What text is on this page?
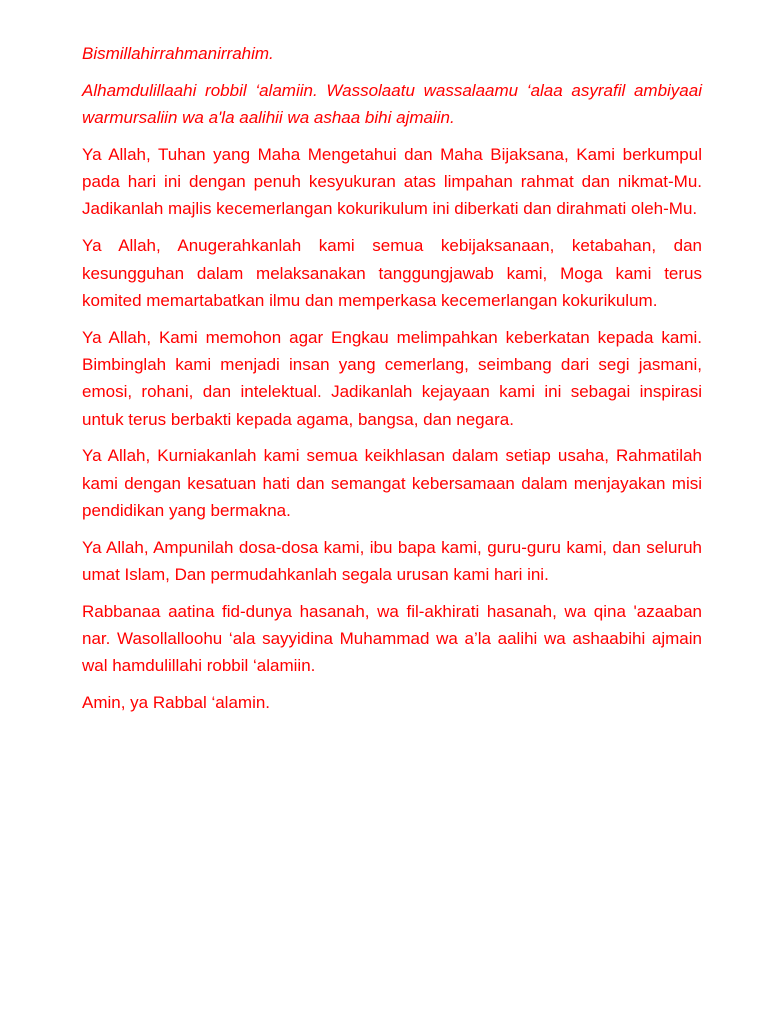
Bismillahirrahmanirrahim.

Alhamdulillaahi robbil ‘alamiin. Wassolaatu wassalaamu ‘alaa asyrafil ambiyaai warmursaliin wa a'la aalihii wa ashaa bihi ajmaiin.

Ya Allah, Tuhan yang Maha Mengetahui dan Maha Bijaksana, Kami berkumpul pada hari ini dengan penuh kesyukuran atas limpahan rahmat dan nikmat-Mu. Jadikanlah majlis kecemerlangan kokurikulum ini diberkati dan dirahmati oleh-Mu.

Ya Allah, Anugerahkanlah kami semua kebijaksanaan, ketabahan, dan kesungguhan dalam melaksanakan tanggungjawab kami, Moga kami terus komited memartabatkan ilmu dan memperkasa kecemerlangan kokurikulum.

Ya Allah, Kami memohon agar Engkau melimpahkan keberkatan kepada kami. Bimbinglah kami menjadi insan yang cemerlang, seimbang dari segi jasmani, emosi, rohani, dan intelektual. Jadikanlah kejayaan kami ini sebagai inspirasi untuk terus berbakti kepada agama, bangsa, dan negara.

Ya Allah, Kurniakanlah kami semua keikhlasan dalam setiap usaha, Rahmatilah kami dengan kesatuan hati dan semangat kebersamaan dalam menjayakan misi pendidikan yang bermakna.

Ya Allah, Ampunilah dosa-dosa kami, ibu bapa kami, guru-guru kami, dan seluruh umat Islam, Dan permudahkanlah segala urusan kami hari ini.

Rabbanaa aatina fid-dunya hasanah, wa fil-akhirati hasanah, wa qina 'azaaban nar. Wasollalloohu ‘ala sayyidina Muhammad wa a’la aalihi wa ashaabihi ajmain wal hamdulillahi robbil ‘alamiin.

Amin, ya Rabbal ‘alamin.
